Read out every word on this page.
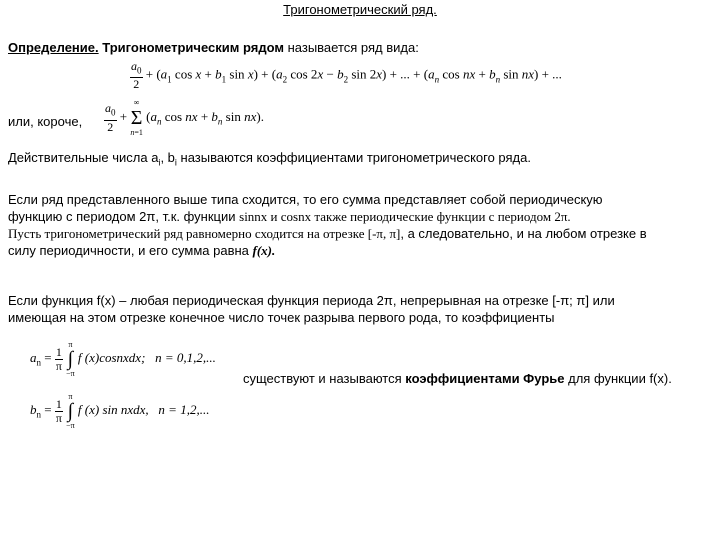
Тригонометрический ряд.
Определение. Тригонометрическим рядом называется ряд вида:
$\frac{a_0}{2} + (a_1$ $\cos x + b_1$ $\sin x) + (a_2$ $\cos 2x - b_2$ sin 2x) + ... + ($a_n$ cos nx + $b_n$ sin nx) + ...
или, короче, $\frac{a_0}{2}$ +
∞
Σ
n=1
($a_n$ cos nx + $b_n$ sin nx).
Действительные числа $a_i$, $b_i$ называются коэффициентами тригонометрического ряда.
Если ряд представленного выше типа сходится, то его сумма представляет собой периодическую
функцию с периодом 2π, т.к. функции sinnx и cosnx также периодические функции с периодом 2π.
Пусть тригонометрический ряд равномерно сходится на отрезке [-π, π], а следовательно, и на любом отрезке в
силу периодичности, и его сумма равна f(x).
Если функция f(x) – любая периодическая функция периода 2π, непрерывная на отрезке [-π; π] или
имеющая на этом отрезке конечное число точек разрыва первого рода, то коэффициенты
$a_n = \frac{1}{\pi}$

π
∫
−π
f (x)cosnxdx; n = 0,1,2,...
существуют и называются коэффициентами Фурье для функции f(x).
$b_n = \frac{1}{\pi}$

π
∫
−π
f (x) sin nxdx, n = 1,2,...
